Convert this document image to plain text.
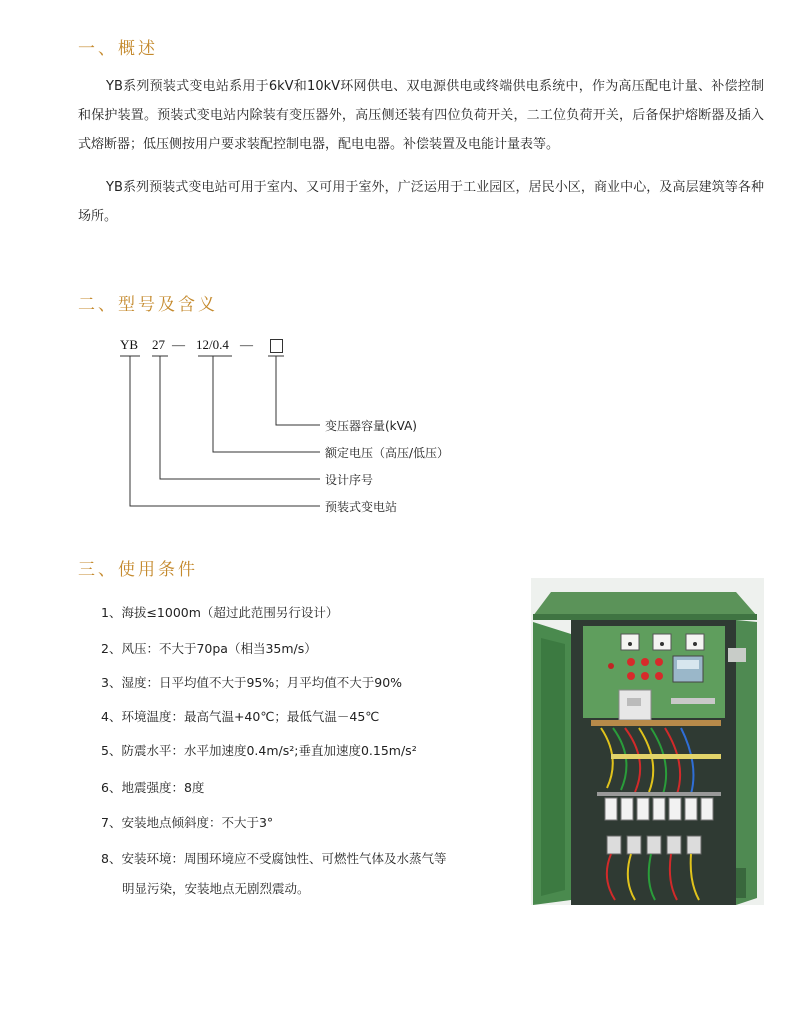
一、概述

YB系列预装式变电站系用于6kV和10kV环网供电、双电源供电或终端供电系统中，作为高压配电计量、补偿控制和保护装置。预装式变电站内除装有变压器外，高压侧还装有四位负荷开关，二工位负荷开关，后备保护熔断器及插入式熔断器；低压侧按用户要求装配控制电器，配电电器。补偿装置及电能计量表等。

YB系列预装式变电站可用于室内、又可用于室外，广泛运用于工业园区，居民小区，商业中心，及高层建筑等各种场所。

二、型号及含义
YB 27 — 12/0.4 —
变压器容量(kVA)
额定电压（高压/低压）
设计序号
预装式变电站
三、使用条件
1、海拔≤1000m（超过此范围另行设计）
2、风压：不大于70pa（相当35m/s）
3、湿度：日平均值不大于95%；月平均值不大于90%
4、环境温度：最高气温+40℃；最低气温－45℃
5、防震水平：水平加速度0.4m/s²;垂直加速度0.15m/s²
6、地震强度：8度
7、安装地点倾斜度：不大于3°
8、安装环境：周围环境应不受腐蚀性、可燃性气体及水蒸气等
明显污染，安装地点无剧烈震动。
